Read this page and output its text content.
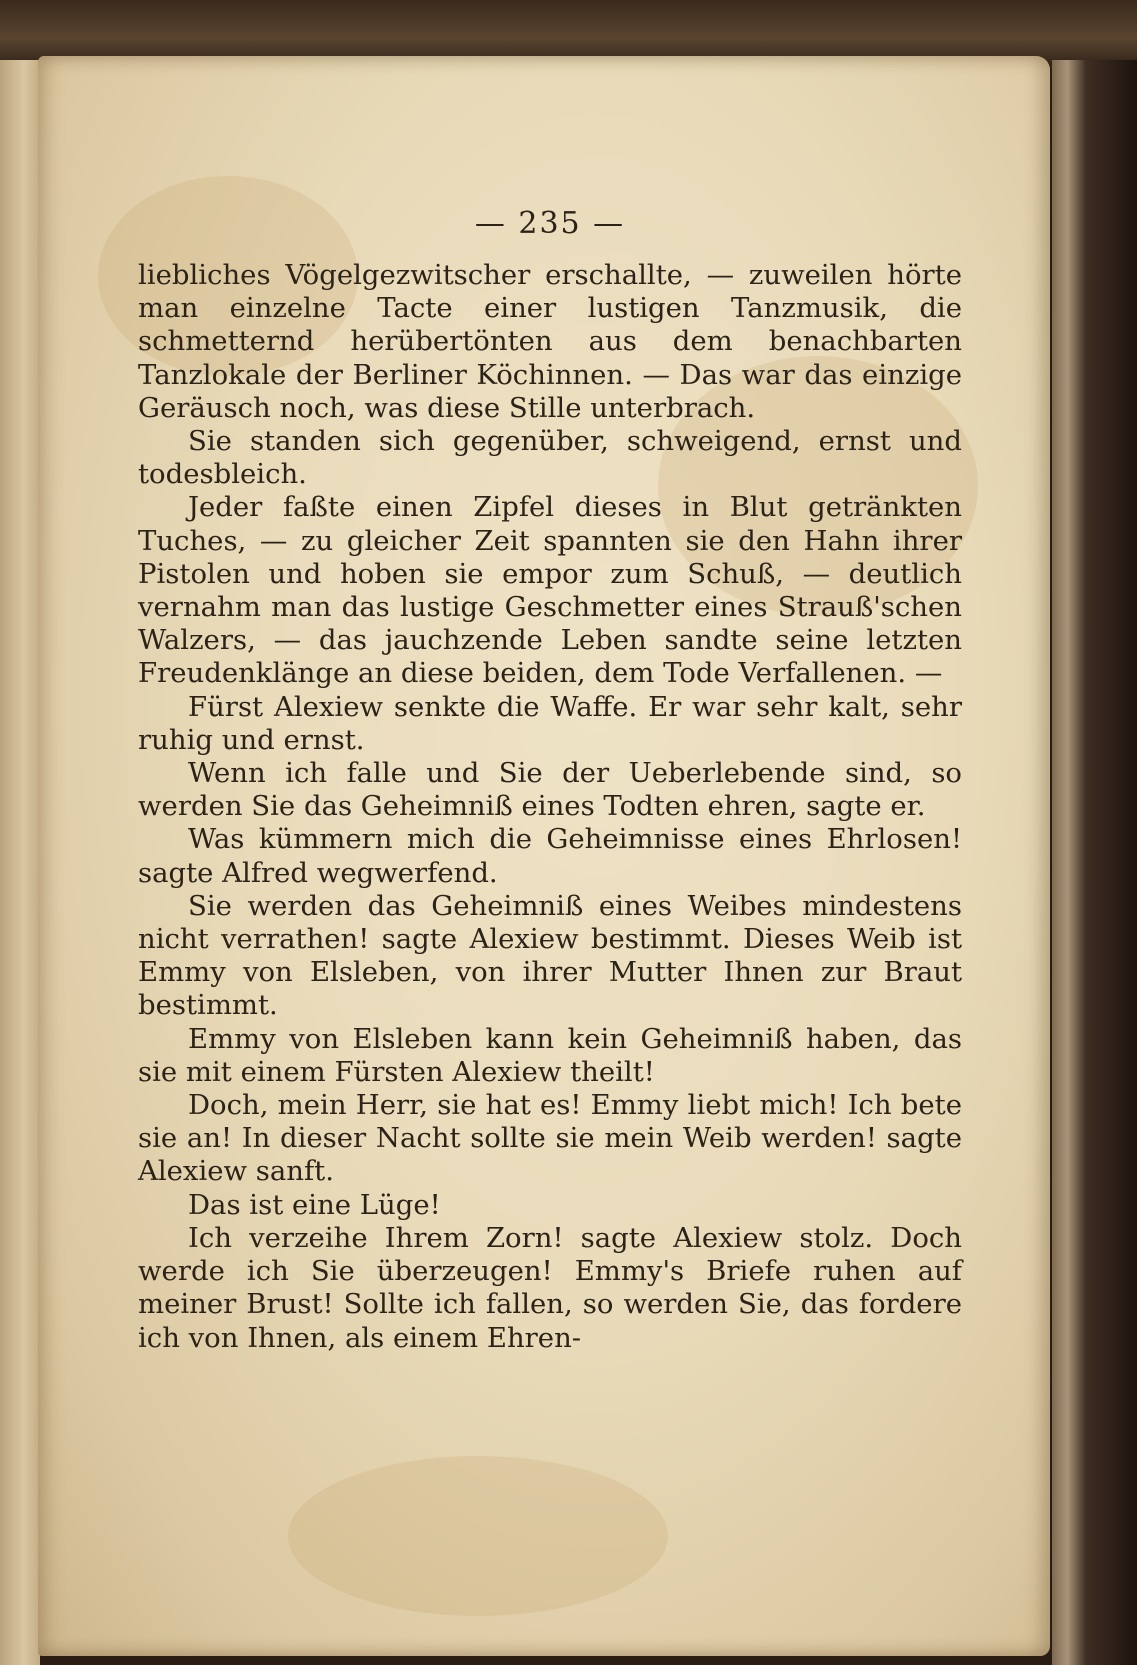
— 235 —

liebliches Vögelgezwitscher erschallte, — zuweilen hörte man einzelne Tacte einer lustigen Tanzmusik, die schmetternd herübertönten aus dem benachbarten Tanzlokale der Berliner Köchinnen. — Das war das einzige Geräusch noch, was diese Stille unterbrach.

Sie standen sich gegenüber, schweigend, ernst und todesbleich.

Jeder faßte einen Zipfel dieses in Blut getränkten Tuches, — zu gleicher Zeit spannten sie den Hahn ihrer Pistolen und hoben sie empor zum Schuß, — deutlich vernahm man das lustige Geschmetter eines Strauß'schen Walzers, — das jauchzende Leben sandte seine letzten Freudenklänge an diese beiden, dem Tode Verfallenen. —

Fürst Alexiew senkte die Waffe. Er war sehr kalt, sehr ruhig und ernst.

Wenn ich falle und Sie der Ueberlebende sind, so werden Sie das Geheimniß eines Todten ehren, sagte er.

Was kümmern mich die Geheimnisse eines Ehrlosen! sagte Alfred wegwerfend.

Sie werden das Geheimniß eines Weibes mindestens nicht verrathen! sagte Alexiew bestimmt. Dieses Weib ist Emmy von Elsleben, von ihrer Mutter Ihnen zur Braut bestimmt.

Emmy von Elsleben kann kein Geheimniß haben, das sie mit einem Fürsten Alexiew theilt!

Doch, mein Herr, sie hat es! Emmy liebt mich! Ich bete sie an! In dieser Nacht sollte sie mein Weib werden! sagte Alexiew sanft.

Das ist eine Lüge!

Ich verzeihe Ihrem Zorn! sagte Alexiew stolz. Doch werde ich Sie überzeugen! Emmy's Briefe ruhen auf meiner Brust! Sollte ich fallen, so werden Sie, das fordere ich von Ihnen, als einem Ehren-
